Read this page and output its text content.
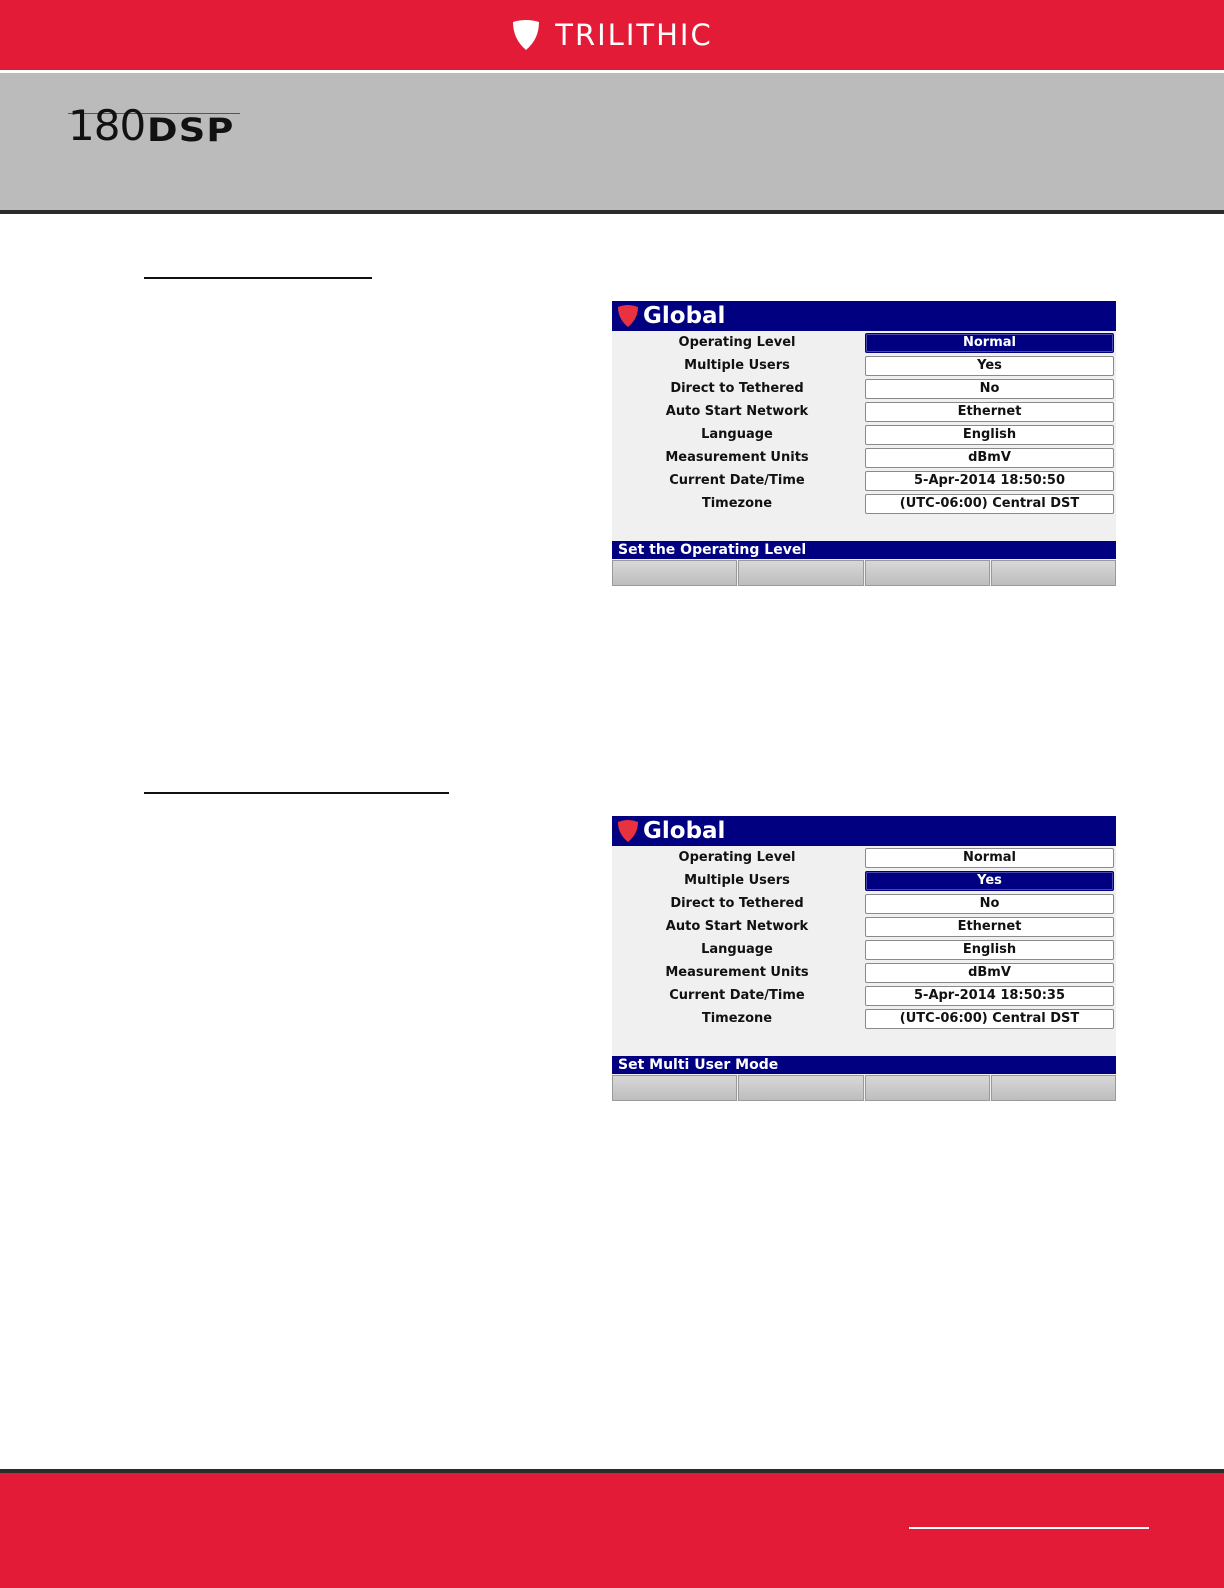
TRILITHIC
180 DSP
Global
Operating Level	Normal
Multiple Users	Yes
Direct to Tethered	No
Auto Start Network	Ethernet
Language	English
Measurement Units	dBmV
Current Date/Time	5-Apr-2014 18:50:50
Timezone	(UTC-06:00) Central DST
Set the Operating Level
Global
Operating Level	Normal
Multiple Users	Yes
Direct to Tethered	No
Auto Start Network	Ethernet
Language	English
Measurement Units	dBmV
Current Date/Time	5-Apr-2014 18:50:35
Timezone	(UTC-06:00) Central DST
Set Multi User Mode
